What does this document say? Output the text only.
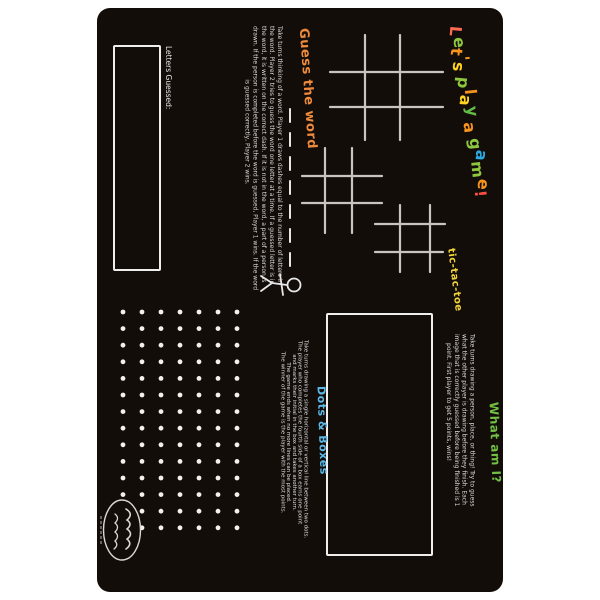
Let's play a game!
What am I?
Take turns drawing a person, place, or thing! Try to guess
what the other player is drawing before they finish. Each
image that is correctly guessed before being finished is 1
point. First player to get 5 points, wins!
tic-tac-toe
Guess the word
Take turns thinking of a word. Player 1 draws dashes equal to the number of letters in
the word. Player 2 tries to guess the word one letter at a time. If a guessed letter is in
the word, it is written on the correct dash. If it is not in the word, a part of a person is
drawn. If the person is completed before the word is guessed, Player 1 wins. If the word
is guessed correctly, Player 2 wins.
Letters Guessed:
Dots & Boxes
Take turns drawing a single horizontal or vertical line between two dots.
The player who completes the fourth side of a box earns one point
and marks their initial in the box and takes another turn.
The game ends when no more lines can be placed.
The winner of the game is the player with the most points.
